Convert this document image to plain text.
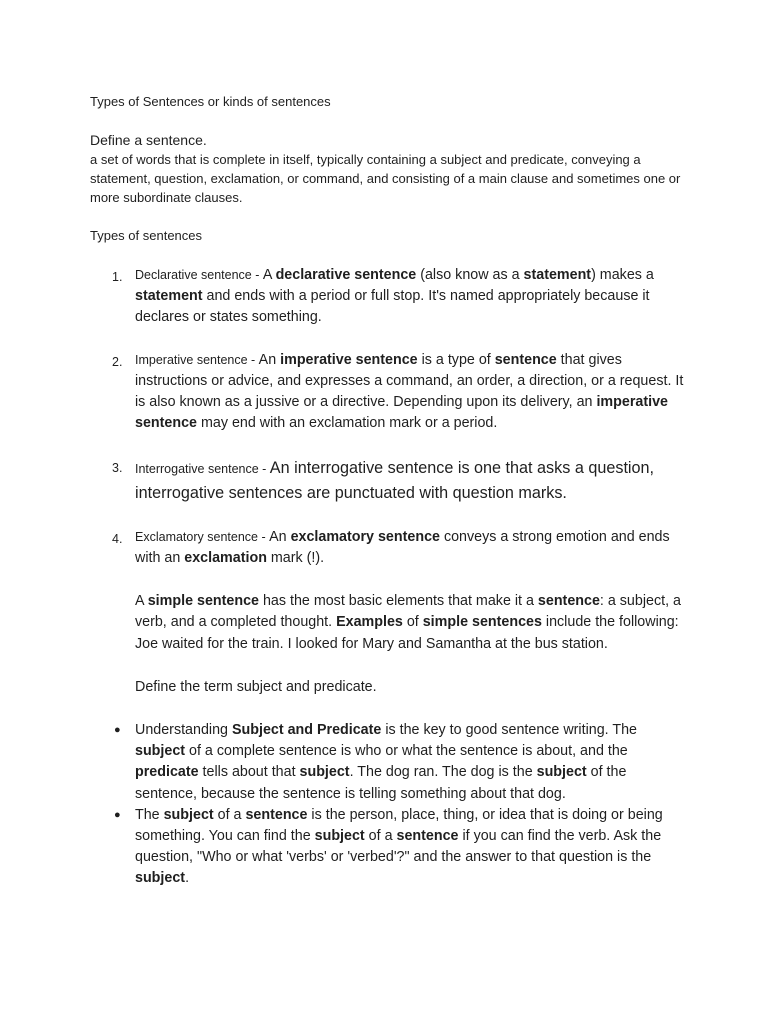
Types of Sentences or kinds of sentences

Define a sentence.

a set of words that is complete in itself, typically containing a subject and predicate, conveying a statement, question, exclamation, or command, and consisting of a main clause and sometimes one or more subordinate clauses.

Types of sentences

1. Declarative sentence - A declarative sentence (also know as a statement) makes a statement and ends with a period or full stop. It's named appropriately because it declares or states something.
2. Imperative sentence - An imperative sentence is a type of sentence that gives instructions or advice, and expresses a command, an order, a direction, or a request. It is also known as a jussive or a directive. Depending upon its delivery, an imperative sentence may end with an exclamation mark or a period.
3. Interrogative sentence - An interrogative sentence is one that asks a question, interrogative sentences are punctuated with question marks.
4. Exclamatory sentence - An exclamatory sentence conveys a strong emotion and ends with an exclamation mark (!).
A simple sentence has the most basic elements that make it a sentence: a subject, a verb, and a completed thought. Examples of simple sentences include the following: Joe waited for the train. I looked for Mary and Samantha at the bus station.
Define the term subject and predicate.
● Understanding Subject and Predicate is the key to good sentence writing. The subject of a complete sentence is who or what the sentence is about, and the predicate tells about that subject. The dog ran. The dog is the subject of the sentence, because the sentence is telling something about that dog.
● The subject of a sentence is the person, place, thing, or idea that is doing or being something. You can find the subject of a sentence if you can find the verb. Ask the question, "Who or what 'verbs' or 'verbed'?" and the answer to that question is the subject.
